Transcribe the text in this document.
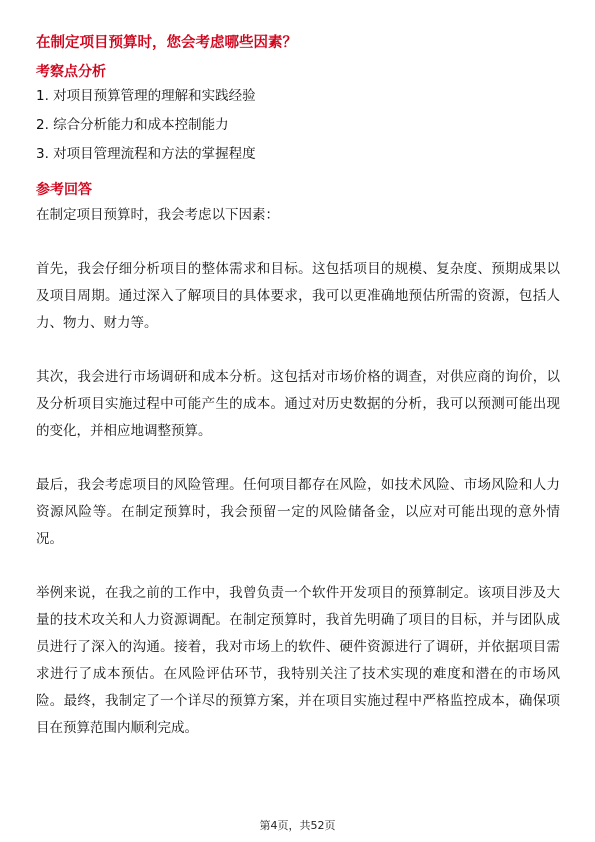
在制定项目预算时，您会考虑哪些因素？
考察点分析
1. 对项目预算管理的理解和实践经验
2. 综合分析能力和成本控制能力
3. 对项目管理流程和方法的掌握程度
参考回答

在制定项目预算时，我会考虑以下因素：

首先，我会仔细分析项目的整体需求和目标。这包括项目的规模、复杂度、预期成果以及项目周期。通过深入了解项目的具体要求，我可以更准确地预估所需的资源，包括人力、物力、财力等。

其次，我会进行市场调研和成本分析。这包括对市场价格的调查，对供应商的询价，以及分析项目实施过程中可能产生的成本。通过对历史数据的分析，我可以预测可能出现的变化，并相应地调整预算。

最后，我会考虑项目的风险管理。任何项目都存在风险，如技术风险、市场风险和人力资源风险等。在制定预算时，我会预留一定的风险储备金，以应对可能出现的意外情况。

举例来说，在我之前的工作中，我曾负责一个软件开发项目的预算制定。该项目涉及大量的技术攻关和人力资源调配。在制定预算时，我首先明确了项目的目标，并与团队成员进行了深入的沟通。接着，我对市场上的软件、硬件资源进行了调研，并依据项目需求进行了成本预估。在风险评估环节，我特别关注了技术实现的难度和潜在的市场风险。最终，我制定了一个详尽的预算方案，并在项目实施过程中严格监控成本，确保项目在预算范围内顺利完成。

第4页，共52页
